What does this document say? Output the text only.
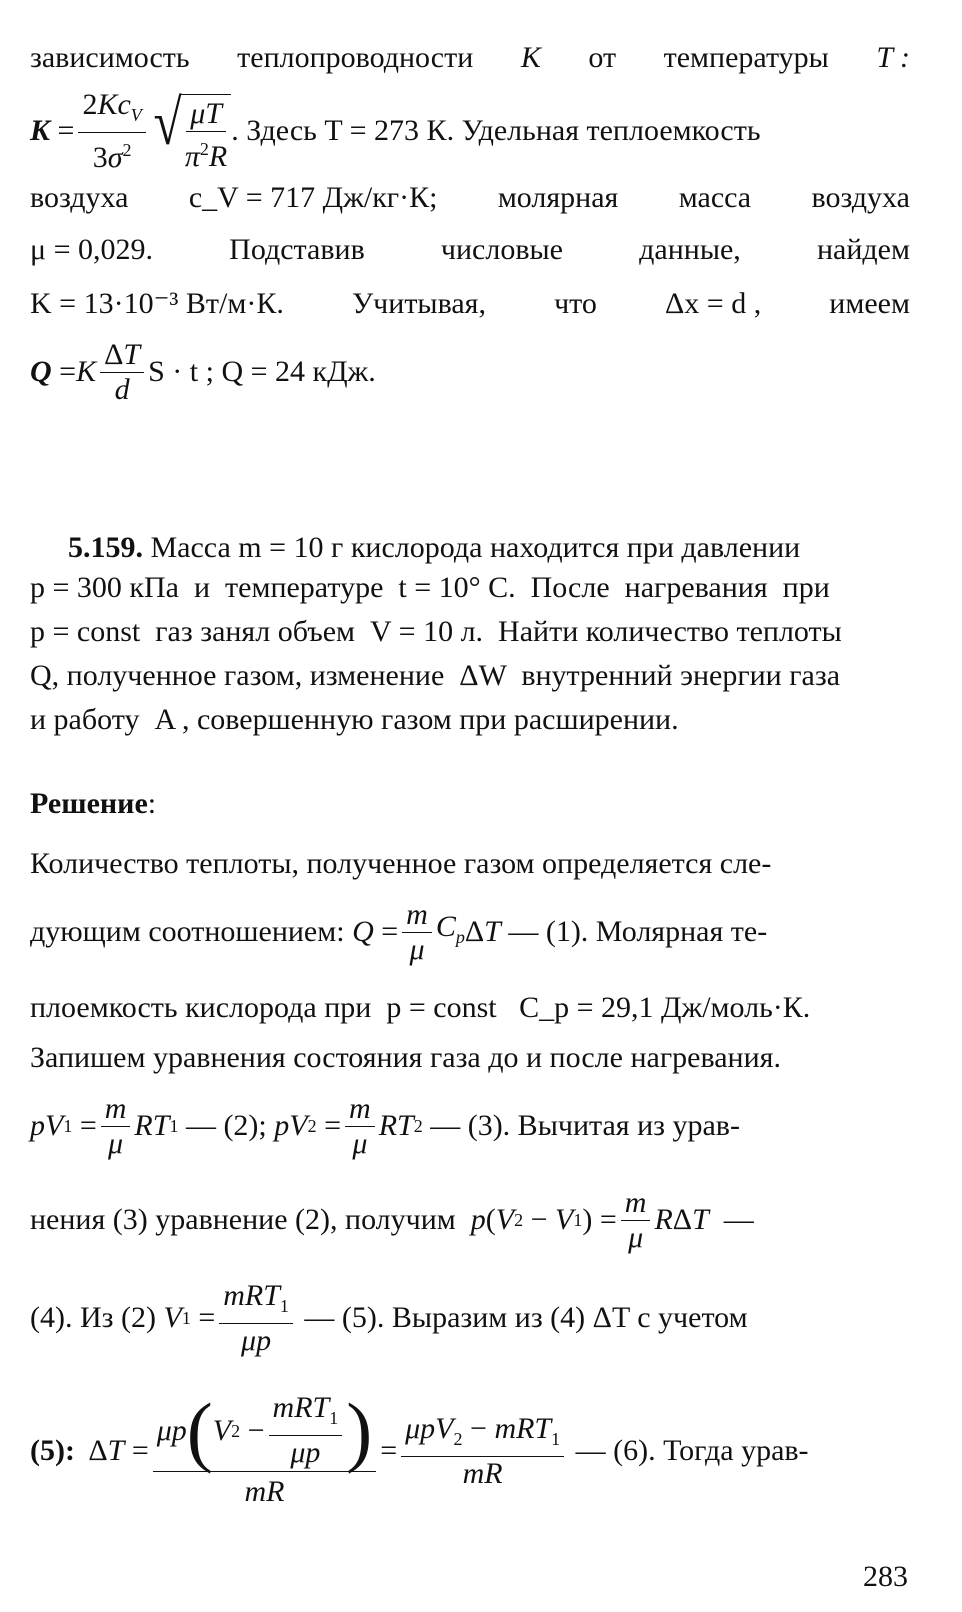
зависимость теплопроводности K от температуры T :
$K = \frac{2Kc_V}{3\sigma^2}$ √ $\frac{\mu T}{\pi^2R}$ . Здесь T = 273 К. Удельная теплоемкость
воздуха c_V = 717 Дж/кг·К; молярная масса воздуха
μ = 0,029.	Подставив	числовые	данные,	найдем
K = 13·10⁻³ Вт/м·К. Учитывая, что Δx = d , имеем
Q = K $\frac{\Delta T}{d}$ S · t ; Q = 24 кДж.
5.159. Масса m = 10 г кислорода находится при давлении
p = 300 кПа  и  температуре  t = 10° C.  После  нагревания  при
p = const  газ занял объем  V = 10 л.  Найти количество теплоты
Q, полученное газом, изменение  ΔW  внутренний энергии газа
и работу  A , совершенную газом при расширении.
Решение:
Количество теплоты, полученное газом определяется сле-
дующим соотношением:
$Q = \frac{m}{\mu} C_p$ Δ T
— (1). Молярная те-
плоемкость кислорода при  p = const   C_p = 29,1 Дж/моль·К.
Запишем уравнения состояния газа до и после нагревания.
pV $1 = \frac{m}{\mu}$ RT 1
— (2);
pV $2 = \frac{m}{\mu}$ RT 2
— (3). Вычитая из урав-
нения (3) уравнение (2), получим
p ( V 2 − V 1 ) = $\frac{m}{\mu}$ R Δ T
—
(4). Из (2)
V $1 = \frac{mRT_1}{\mu p}$
— (5). Выразим из (4) ΔT с учетом
(5): Δ $T = \frac{\mu p ( V 2 - \frac{mRT_1}{\mu p} )}{mR} = \frac{\mu pV_2 - mRT_1}{mR}$
— (6). Тогда урав-
283
